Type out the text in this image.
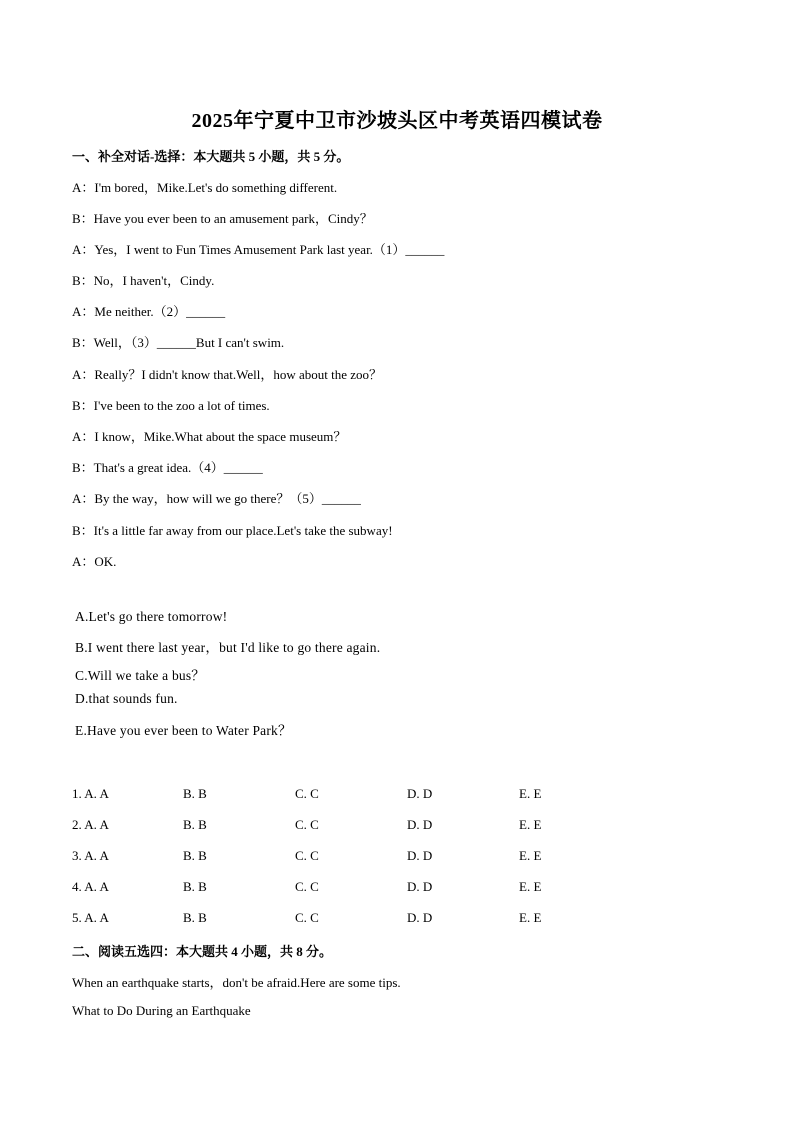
2025年宁夏中卫市沙坡头区中考英语四模试卷
一、补全对话-选择：本大题共 5 小题，共 5 分。
A：I'm bored，Mike.Let's do something different.
B：Have you ever been to an amusement park，Cindy？
A：Yes，I went to Fun Times Amusement Park last year.（1）______
B：No，I haven't，Cindy.
A：Me neither.（2）______
B：Well，（3）______But I can't swim.
A：Really？I didn't know that.Well，how about the zoo？
B：I've been to the zoo a lot of times.
A：I know，Mike.What about the space museum？
B：That's a great idea.（4）______
A：By the way，how will we go there？（5）______
B：It's a little far away from our place.Let's take the subway!
A：OK.
A.Let's go there tomorrow!
B.I went there last year，but I'd like to go there again.
C.Will we take a bus？
D.that sounds fun.
E.Have you ever been to Water Park？
1. A. A	B. B	C. C	D. D	E. E
2. A. A	B. B	C. C	D. D	E. E
3. A. A	B. B	C. C	D. D	E. E
4. A. A	B. B	C. C	D. D	E. E
5. A. A	B. B	C. C	D. D	E. E
二、阅读五选四：本大题共 4 小题，共 8 分。
When an earthquake starts，don't be afraid.Here are some tips.
What to Do During an Earthquake
